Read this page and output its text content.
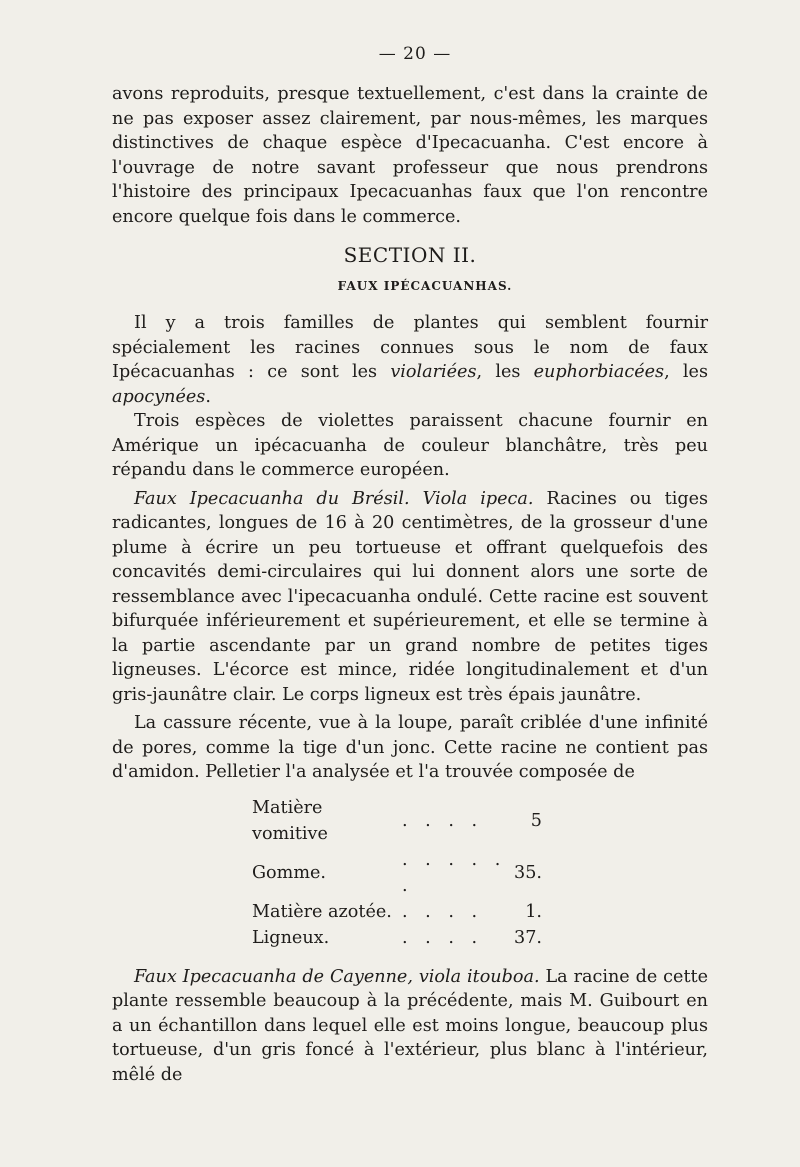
— 20 —

avons reproduits, presque textuellement, c'est dans la crainte de ne pas exposer assez clairement, par nous-mêmes, les marques distinctives de chaque espèce d'Ipecacuanha. C'est encore à l'ouvrage de notre savant professeur que nous prendrons l'histoire des principaux Ipecacuanhas faux que l'on rencontre encore quelque fois dans le commerce.

SECTION II.
FAUX IPÉCACUANHAS.

Il y a trois familles de plantes qui semblent fournir spécialement les racines connues sous le nom de faux Ipécacuanhas : ce sont les violariées, les euphorbiacées, les apocynées.

Trois espèces de violettes paraissent chacune fournir en Amérique un ipécacuanha de couleur blanchâtre, très peu répandu dans le commerce européen.

Faux Ipecacuanha du Brésil. Viola ipeca. Racines ou tiges radicantes, longues de 16 à 20 centimètres, de la grosseur d'une plume à écrire un peu tortueuse et offrant quelquefois des concavités demi-circulaires qui lui donnent alors une sorte de ressemblance avec l'ipecacuanha ondulé. Cette racine est souvent bifurquée inférieurement et supérieurement, et elle se termine à la partie ascendante par un grand nombre de petites tiges ligneuses. L'écorce est mince, ridée longitudinalement et d'un gris-jaunâtre clair. Le corps ligneux est très épais jaunâtre.

La cassure récente, vue à la loupe, paraît criblée d'une infinité de pores, comme la tige d'un jonc. Cette racine ne contient pas d'amidon. Pelletier l'a analysée et l'a trouvée composée de

Matière vomitive	. . . .	5
Gomme.	. . . . . .	35.
Matière azotée.	. . . .	1.
Ligneux.	. . . .	37.

Faux Ipecacuanha de Cayenne, viola itouboa. La racine de cette plante ressemble beaucoup à la précédente, mais M. Guibourt en a un échantillon dans lequel elle est moins longue, beaucoup plus tortueuse, d'un gris foncé à l'extérieur, plus blanc à l'intérieur, mêlé de
